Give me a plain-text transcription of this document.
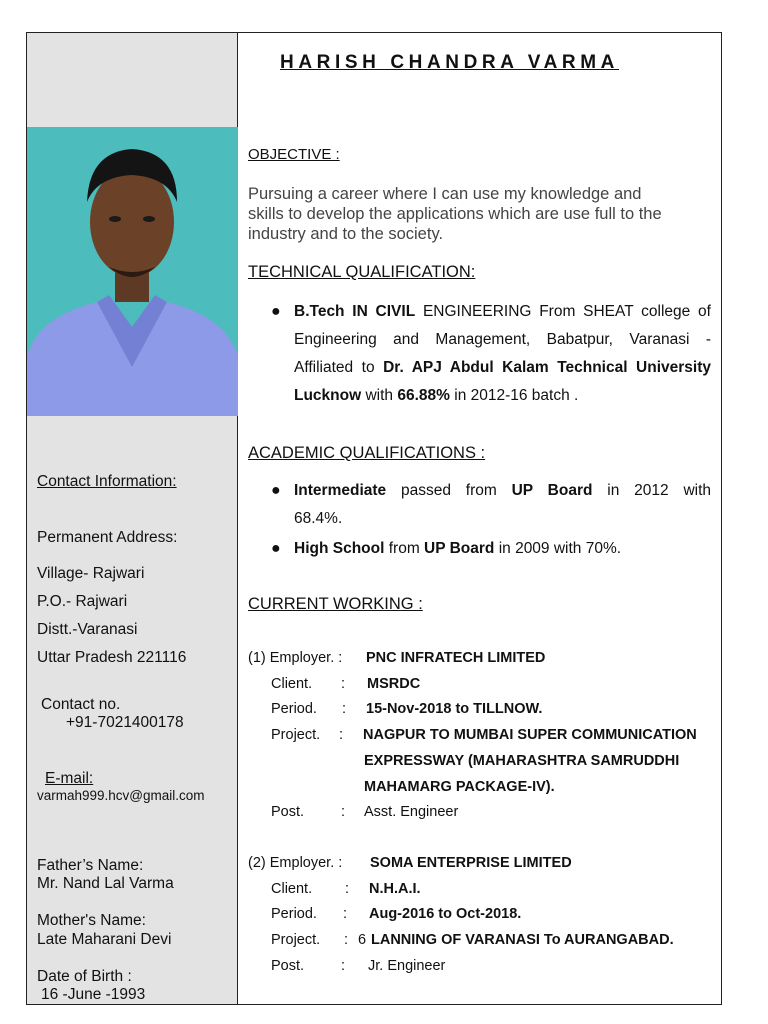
HARISH CHANDRA VARMA
Contact Information:
Permanent Address:
Village- Rajwari
P.O.- Rajwari
Distt.-Varanasi
Uttar Pradesh 221116
Contact no.
+91-7021400178
E-mail:
varmah999.hcv@gmail.com
Father’s Name:
Mr. Nand Lal Varma
Mother's Name:
Late Maharani Devi
Date of Birth :
16 -June -1993
OBJECTIVE :
Pursuing a career where I can use my knowledge and
skills to develop the applications which are use full to the
industry and to the society.
TECHNICAL QUALIFICATION:
● B.Tech IN CIVIL ENGINEERING From SHEAT college of
Engineering and Management, Babatpur, Varanasi -
Affiliated to Dr. APJ Abdul Kalam Technical University
Lucknow with 66.88% in 2012-16 batch .
ACADEMIC QUALIFICATIONS :
● Intermediate passed from UP Board in 2012 with
68.4%.
● High School from UP Board in 2009 with 70%.
CURRENT WORKING :
(1) Employer. : PNC INFRATECH LIMITED
Client. : MSRDC
Period. : 15-Nov-2018 to TILLNOW.
Project. : NAGPUR TO MUMBAI SUPER COMMUNICATION
EXPRESSWAY (MAHARASHTRA SAMRUDDHI
MAHAMARG PACKAGE-IV).
Post.	: Asst. Engineer
(2) Employer. : SOMA ENTERPRISE LIMITED
Client. : N.H.A.I.
Period. : Aug-2016 to Oct-2018.
Project. : 6 LANNING OF VARANASI To AURANGABAD.
Post.	: Jr. Engineer
